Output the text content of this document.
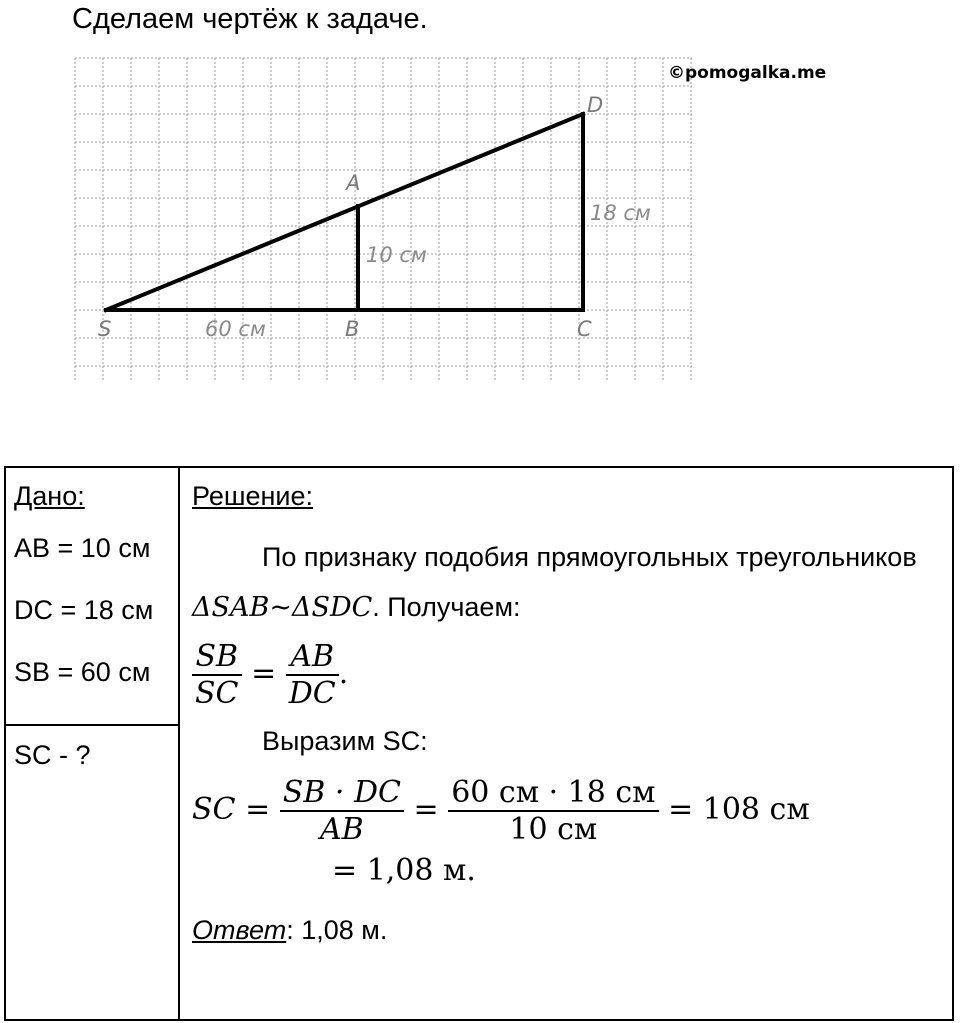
Сделаем чертёж к задаче.
©pomogalka.me
S
A
B	C
D
60 см
10 см
18 см
Дано:
AB = 10 см
DC = 18 см
SB = 60 см

Решение:
По признаку подобия прямоугольных треугольников ΔSAB~ΔSDC. Получаем:
$\frac{SB}{SC} = \frac{AB}{DC}$ .
Выразим SC:
SC = $\frac{SB \cdot DC}{AB} = \frac{60 см \cdot 18 см}{10 см} = 108$ см
= 1,08 м.
Ответ: 1,08 м.

SC - ?
